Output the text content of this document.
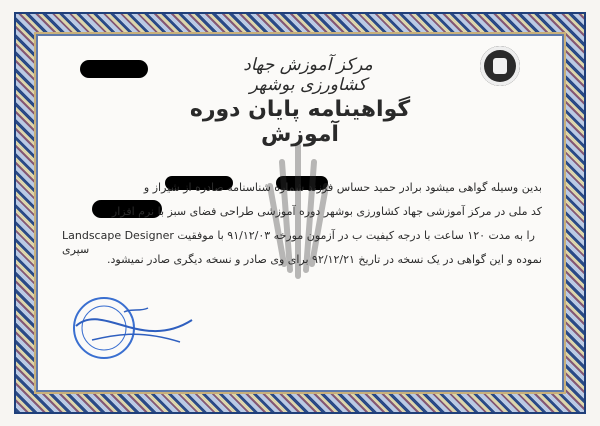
مرکز آموزش جهاد کشاورزی بوشهر
گواهینامه پایان دوره آموزش
بدین وسیله گواهی میشود برادر حمید حساس فرزند شماره شناسنامه صادره از شیراز و
کد ملی در مرکز آموزشی جهاد کشاورزی بوشهر دوره آموزشی طراحی فضای سبز با نرم افزار
Landscape Designer را به مدت ۱۲۰ ساعت با درجه کیفیت ب در آزمون مورخه ۹۱/۱۲/۰۳ با موفقیت سپری
نموده و این گواهی در یک نسخه در تاریخ ۹۲/۱۲/۲۱ برای وی صادر و نسخه دیگری صادر نمیشود.
